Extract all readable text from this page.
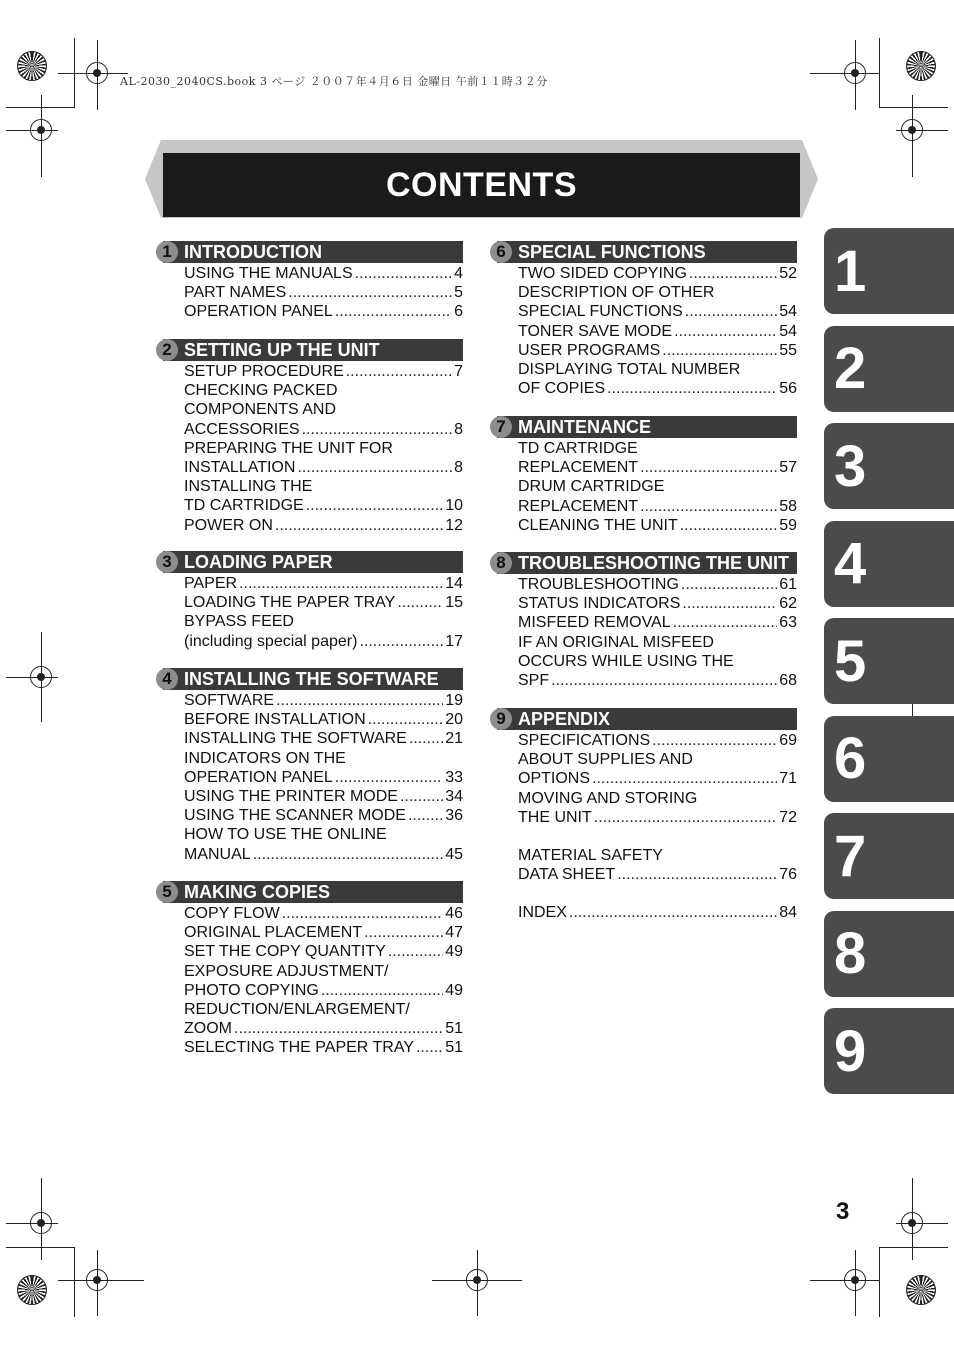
AL-2030_2040CS.book 3 ページ ２００７年４月６日 金曜日 午前１１時３２分
CONTENTS
1 INTRODUCTION
USING THE MANUALS .....	4
PART NAMES .....	5
OPERATION PANEL .....	6
2 SETTING UP THE UNIT
SETUP PROCEDURE .....	7
CHECKING PACKED
COMPONENTS AND
ACCESSORIES .....	8
PREPARING THE UNIT FOR
INSTALLATION .....	8
INSTALLING THE
TD CARTRIDGE .....	10
POWER ON .....	12
3 LOADING PAPER
PAPER .....	14
LOADING THE PAPER TRAY .....	15
BYPASS FEED
(including special paper) .....	17
4 INSTALLING THE SOFTWARE
SOFTWARE .....	19
BEFORE INSTALLATION .....	20
INSTALLING THE SOFTWARE ..... 21
INDICATORS ON THE
OPERATION PANEL .....	33
USING THE PRINTER MODE .....	34
USING THE SCANNER MODE ..... 36
HOW TO USE THE ONLINE
MANUAL .....	45
5 MAKING COPIES
COPY FLOW .....	46
ORIGINAL PLACEMENT .....	47
SET THE COPY QUANTITY .....	49
EXPOSURE ADJUSTMENT/
PHOTO COPYING .....	49
REDUCTION/ENLARGEMENT/
ZOOM .....	51
SELECTING THE PAPER TRAY ..... 51
6 SPECIAL FUNCTIONS
TWO SIDED COPYING .....	52
DESCRIPTION OF OTHER
SPECIAL FUNCTIONS .....	54
TONER SAVE MODE .....	54
USER PROGRAMS .....	55
DISPLAYING TOTAL NUMBER
OF COPIES .....	56
7 MAINTENANCE
TD CARTRIDGE
REPLACEMENT .....	57
DRUM CARTRIDGE
REPLACEMENT .....	58
CLEANING THE UNIT .....	59
8 TROUBLESHOOTING THE UNIT
TROUBLESHOOTING .....	61
STATUS INDICATORS .....	62
MISFEED REMOVAL .....	63
IF AN ORIGINAL MISFEED
OCCURS WHILE USING THE
SPF .....	68
9 APPENDIX
SPECIFICATIONS .....	69
ABOUT SUPPLIES AND
OPTIONS .....	71
MOVING AND STORING
THE UNIT .....	72
MATERIAL SAFETY
DATA SHEET .....	76
INDEX .....	84
1
2
3
4
5
6
7
8
9
3
